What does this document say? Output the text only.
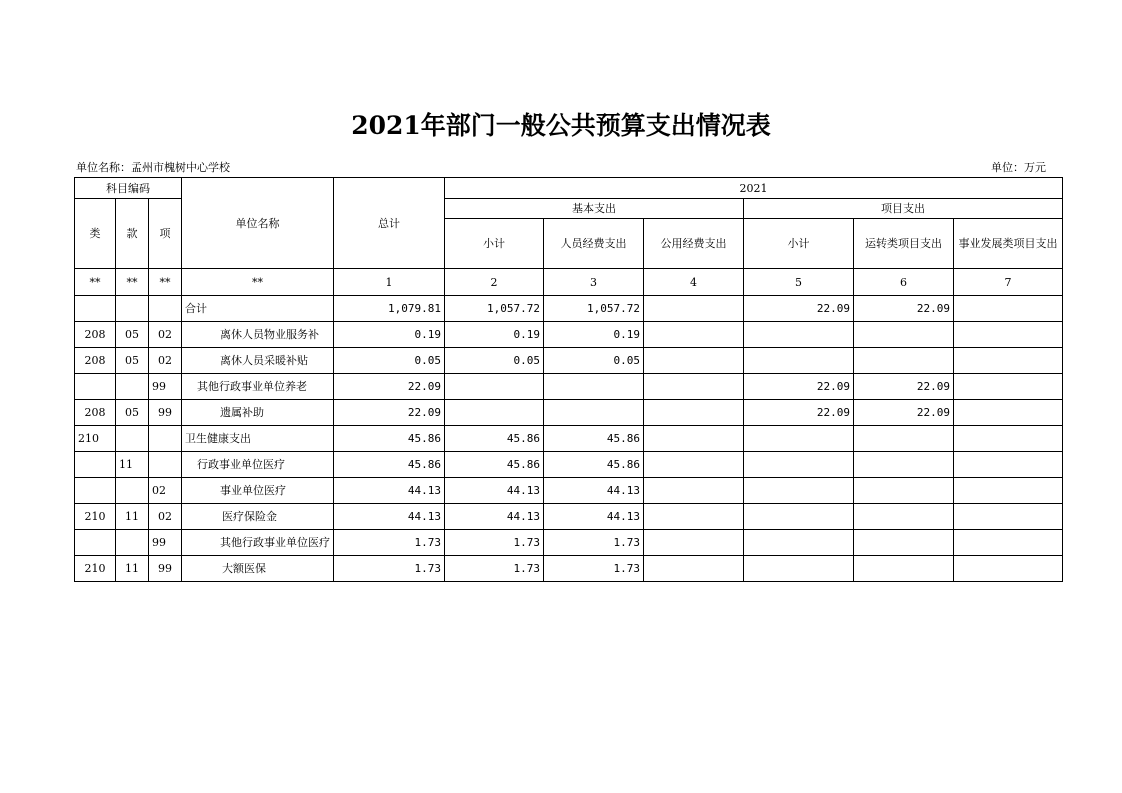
2021年部门一般公共预算支出情况表
单位名称：孟州市槐树中心学校	单位：万元
科目编码			单位名称	总计	2021					
类	款	项			基本支出			项目支出		
					小计	人员经费支出	公用经费支出	小计	运转类项目支出	事业发展类项目支出
**	**	**	**	1	2	3	4	5	6	7
			合计	1,079.81	1,057.72	1,057.72		22.09	22.09	
208	05	02	离休人员物业服务补	0.19	0.19	0.19				
208	05	02	离休人员采暖补贴	0.05	0.05	0.05				
		99	其他行政事业单位养老	22.09				22.09	22.09	
208	05	99	遗属补助	22.09				22.09	22.09	
210			卫生健康支出	45.86	45.86	45.86				
	11		行政事业单位医疗	45.86	45.86	45.86				
		02	事业单位医疗	44.13	44.13	44.13				
210	11	02	医疗保险金	44.13	44.13	44.13				
		99	其他行政事业单位医疗	1.73	1.73	1.73				
210	11	99	大额医保	1.73	1.73	1.73				
